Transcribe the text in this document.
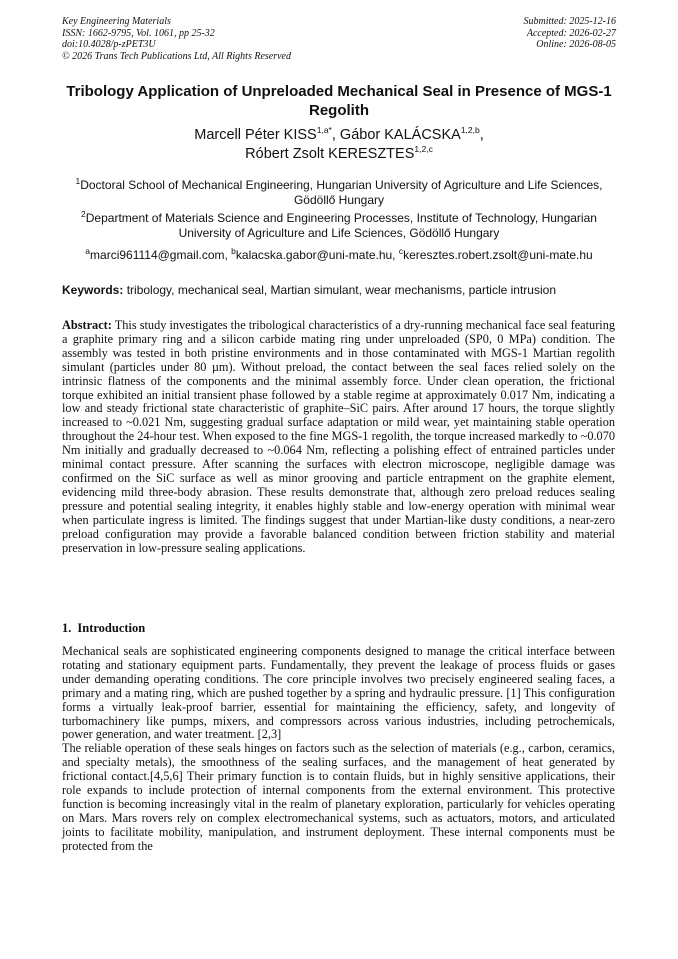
Key Engineering Materials
ISSN: 1662-9795, Vol. 1061, pp 25-32
doi:10.4028/p-zPET3U
© 2026 Trans Tech Publications Ltd, All Rights Reserved
Submitted: 2025-12-16
Accepted: 2026-02-27
Online: 2026-08-05
Tribology Application of Unpreloaded Mechanical Seal in Presence of MGS-1 Regolith
Marcell Péter $KISS^{1,a*}$, Gábor KALÁCSKA$^{1,2,b}$,
Róbert Zsolt KERESZTES$^{1,2,c}$
$^1$Doctoral School of Mechanical Engineering, Hungarian University of Agriculture and Life Sciences, Gödöllő Hungary
$^2$Department of Materials Science and Engineering Processes, Institute of Technology, Hungarian University of Agriculture and Life Sciences, Gödöllő Hungary
$^a$marci961114@gmail.com, $^b$kalacska.gabor@uni-mate.hu, $^c$keresztes.robert.zsolt@uni-mate.hu
Keywords: tribology, mechanical seal, Martian simulant, wear mechanisms, particle intrusion
Abstract: This study investigates the tribological characteristics of a dry-running mechanical face seal featuring a graphite primary ring and a silicon carbide mating ring under unpreloaded (SP0, 0 MPa) condition. The assembly was tested in both pristine environments and in those contaminated with MGS-1 Martian regolith simulant (particles under 80 µm). Without preload, the contact between the seal faces relied solely on the intrinsic flatness of the components and the minimal assembly force. Under clean operation, the frictional torque exhibited an initial transient phase followed by a stable regime at approximately 0.017 Nm, indicating a low and steady frictional state characteristic of graphite–SiC pairs. After around 17 hours, the torque slightly increased to ~0.021 Nm, suggesting gradual surface adaptation or mild wear, yet maintaining stable operation throughout the 24-hour test. When exposed to the fine MGS-1 regolith, the torque increased markedly to ~0.070 Nm initially and gradually decreased to ~0.064 Nm, reflecting a polishing effect of entrained particles under minimal contact pressure. After scanning the surfaces with electron microscope, negligible damage was confirmed on the SiC surface as well as minor grooving and particle entrapment on the graphite element, evidencing mild three-body abrasion. These results demonstrate that, although zero preload reduces sealing pressure and potential sealing integrity, it enables highly stable and low-energy operation with minimal wear when particulate ingress is limited. The findings suggest that under Martian-like dusty conditions, a near-zero preload configuration may provide a favorable balanced condition between friction stability and material preservation in low-pressure sealing applications.
1. Introduction

Mechanical seals are sophisticated engineering components designed to manage the critical interface between rotating and stationary equipment parts. Fundamentally, they prevent the leakage of process fluids or gases under demanding operating conditions. The core principle involves two precisely engineered sealing faces, a primary and a mating ring, which are pushed together by a spring and hydraulic pressure. [1] This configuration forms a virtually leak-proof barrier, essential for maintaining the efficiency, safety, and longevity of turbomachinery like pumps, mixers, and compressors across various industries, including petrochemicals, power generation, and water treatment. [2,3]

The reliable operation of these seals hinges on factors such as the selection of materials (e.g., carbon, ceramics, and specialty metals), the smoothness of the sealing surfaces, and the management of heat generated by frictional contact.[4,5,6] Their primary function is to contain fluids, but in highly sensitive applications, their role expands to include protection of internal components from the external environment. This protective function is becoming increasingly vital in the realm of planetary exploration, particularly for vehicles operating on Mars. Mars rovers rely on complex electromechanical systems, such as actuators, motors, and articulated joints to facilitate mobility, manipulation, and instrument deployment. These internal components must be protected from the
